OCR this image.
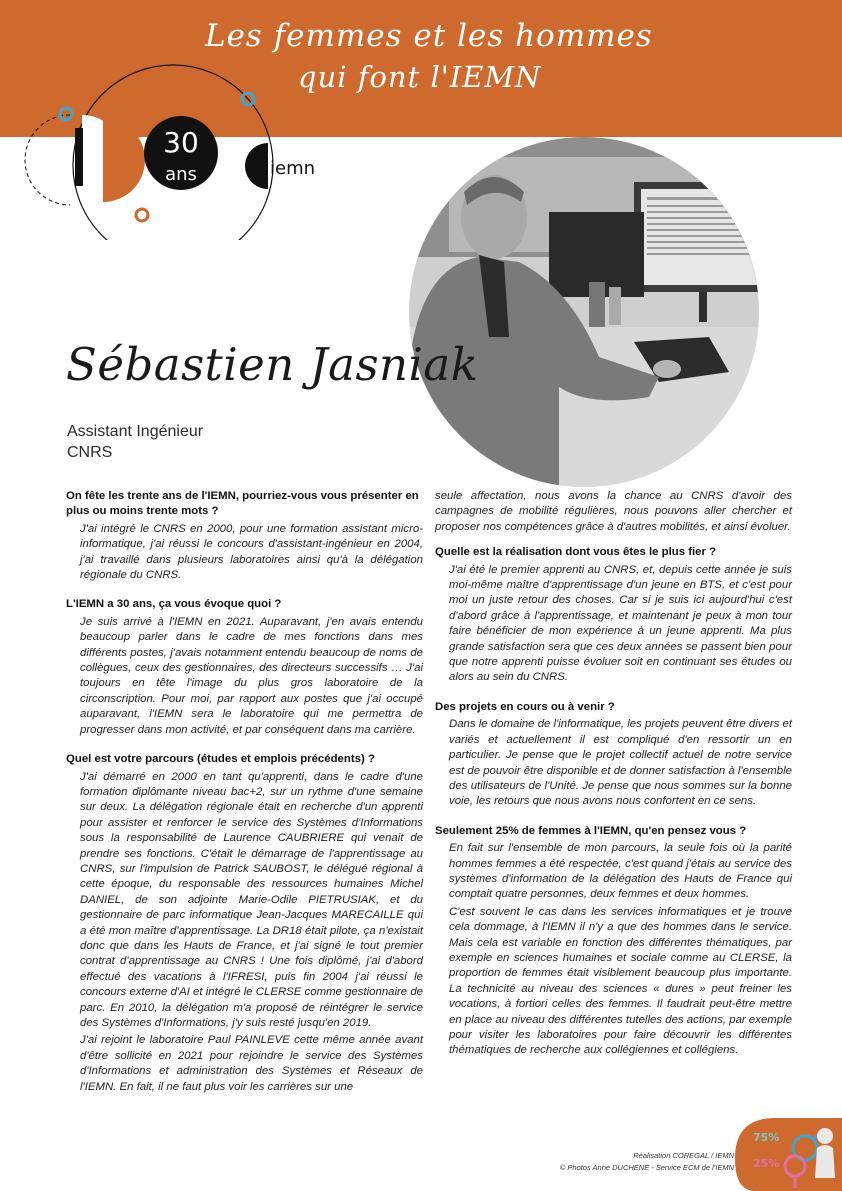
Les femmes et les hommes
qui font l'IEMN
30
ans	iemn
Sébastien Jasniak
Assistant Ingénieur
CNRS
On fête les trente ans de l'IEMN, pourriez-vous vous présenter en plus ou moins trente mots ?
J'ai intégré le CNRS en 2000, pour une formation assistant micro-informatique, j'ai réussi le concours d'assistant-ingénieur en 2004, j'ai travaillé dans plusieurs laboratoires ainsi qu'à la délégation régionale du CNRS.
L'IEMN a 30 ans, ça vous évoque quoi ?
Je suis arrivé à l'IEMN en 2021. Auparavant, j'en avais entendu beaucoup parler dans le cadre de mes fonctions dans mes différents postes, j'avais notamment entendu beaucoup de noms de collègues, ceux des gestionnaires, des directeurs successifs … J'ai toujours en tête l'image du plus gros laboratoire de la circonscription. Pour moi, par rapport aux postes que j'ai occupé auparavant, l'IEMN sera le laboratoire qui me permettra de progresser dans mon activité, et par conséquent dans ma carrière.
Quel est votre parcours (études et emplois précédents) ?
J'ai démarré en 2000 en tant qu'apprenti, dans le cadre d'une formation diplômante niveau bac+2, sur un rythme d'une semaine sur deux. La délégation régionale était en recherche d'un apprenti pour assister et renforcer le service des Systèmes d'Informations sous la responsabilité de Laurence CAUBRIERE qui venait de prendre ses fonctions. C'était le démarrage de l'apprentissage au CNRS, sur l'impulsion de Patrick SAUBOST, le délégué régional à cette époque, du responsable des ressources humaines Michel DANIEL, de son adjointe Marie-Odile PIETRUSIAK, et du gestionnaire de parc informatique Jean-Jacques MARECAILLE qui a été mon maître d'apprentissage. La DR18 était pilote, ça n'existait donc que dans les Hauts de France, et j'ai signé le tout premier contrat d'apprentissage au CNRS ! Une fois diplômé, j'ai d'abord effectué des vacations à l'IFRESI, puis fin 2004 j'ai réussi le concours externe d'AI et intégré le CLERSE comme gestionnaire de parc. En 2010, la délégation m'a proposé de réintégrer le service des Systèmes d'Informations, j'y suis resté jusqu'en 2019.
J'ai rejoint le laboratoire Paul PAINLEVE cette même année avant d'être sollicité en 2021 pour rejoindre le service des Systèmes d'Informations et administration des Systèmes et Réseaux de l'IEMN. En fait, il ne faut plus voir les carrières sur une
seule affectation, nous avons la chance au CNRS d'avoir des campagnes de mobilité régulières, nous pouvons aller chercher et proposer nos compétences grâce à d'autres mobilités, et ainsi évoluer.
Quelle est la réalisation dont vous êtes le plus fier ?
J'ai été le premier apprenti au CNRS, et, depuis cette année je suis moi-même maître d'apprentissage d'un jeune en BTS, et c'est pour moi un juste retour des choses. Car si je suis ici aujourd'hui c'est d'abord grâce à l'apprentissage, et maintenant je peux à mon tour faire bénéficier de mon expérience à un jeune apprenti. Ma plus grande satisfaction sera que ces deux années se passent bien pour que notre apprenti puisse évoluer soit en continuant ses études ou alors au sein du CNRS.
Des projets en cours ou à venir ?
Dans le domaine de l'informatique, les projets peuvent être divers et variés et actuellement il est compliqué d'en ressortir un en particulier. Je pense que le projet collectif actuel de notre service est de pouvoir être disponible et de donner satisfaction à l'ensemble des utilisateurs de l'Unité. Je pense que nous sommes sur la bonne voie, les retours que nous avons nous confortent en ce sens.
Seulement 25% de femmes à l'IEMN, qu'en pensez vous ?
En fait sur l'ensemble de mon parcours, la seule fois où la parité hommes femmes a été respectée, c'est quand j'étais au service des systèmes d'information de la délégation des Hauts de France qui comptait quatre personnes, deux femmes et deux hommes.
C'est souvent le cas dans les services informatiques et je trouve cela dommage, à l'IEMN il n'y a que des hommes dans le service. Mais cela est variable en fonction des différentes thématiques, par exemple en sciences humaines et sociale comme au CLERSE, la proportion de femmes était visiblement beaucoup plus importante. La technicité au niveau des sciences « dures » peut freiner les vocations, à fortiori celles des femmes. Il faudrait peut-être mettre en place au niveau des différentes tutelles des actions, par exemple pour visiter les laboratoires pour faire découvrir les différentes thématiques de recherche aux collégiennes et collégiens.
Réalisation COREGAL / IEMN
© Photos Anne DUCHENE - Service ECM de l'IEMN
75%
25%
